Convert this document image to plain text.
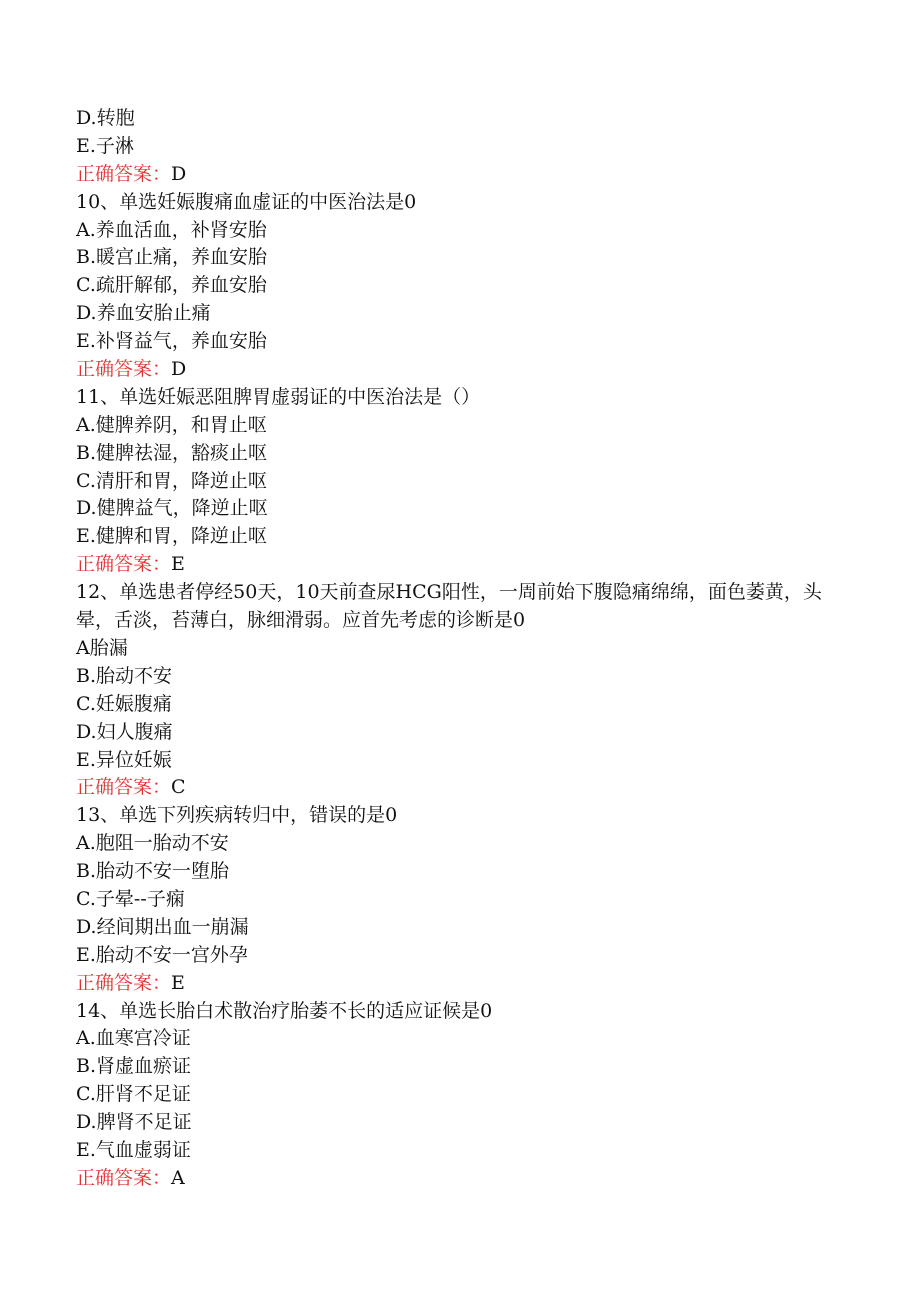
D.转胞
E.子淋
正确答案：D
10、单选妊娠腹痛血虚证的中医治法是0
A.养血活血，补肾安胎
B.暖宫止痛，养血安胎
C.疏肝解郁，养血安胎
D.养血安胎止痛
E.补肾益气，养血安胎
正确答案：D
11、单选妊娠恶阻脾胃虚弱证的中医治法是（）
A.健脾养阴，和胃止呕
B.健脾祛湿，豁痰止呕
C.清肝和胃，降逆止呕
D.健脾益气，降逆止呕
E.健脾和胃，降逆止呕
正确答案：E
12、单选患者停经50天，10天前查尿HCG阳性，一周前始下腹隐痛绵绵，面色萎黄，头晕，舌淡，苔薄白，脉细滑弱。应首先考虑的诊断是0
A胎漏
B.胎动不安
C.妊娠腹痛
D.妇人腹痛
E.异位妊娠
正确答案：C
13、单选下列疾病转归中，错误的是0
A.胞阻一胎动不安
B.胎动不安一堕胎
C.子晕--子痫
D.经间期出血一崩漏
E.胎动不安一宫外孕
正确答案：E
14、单选长胎白术散治疗胎萎不长的适应证候是0
A.血寒宫冷证
B.肾虚血瘀证
C.肝肾不足证
D.脾肾不足证
E.气血虚弱证
正确答案：A
